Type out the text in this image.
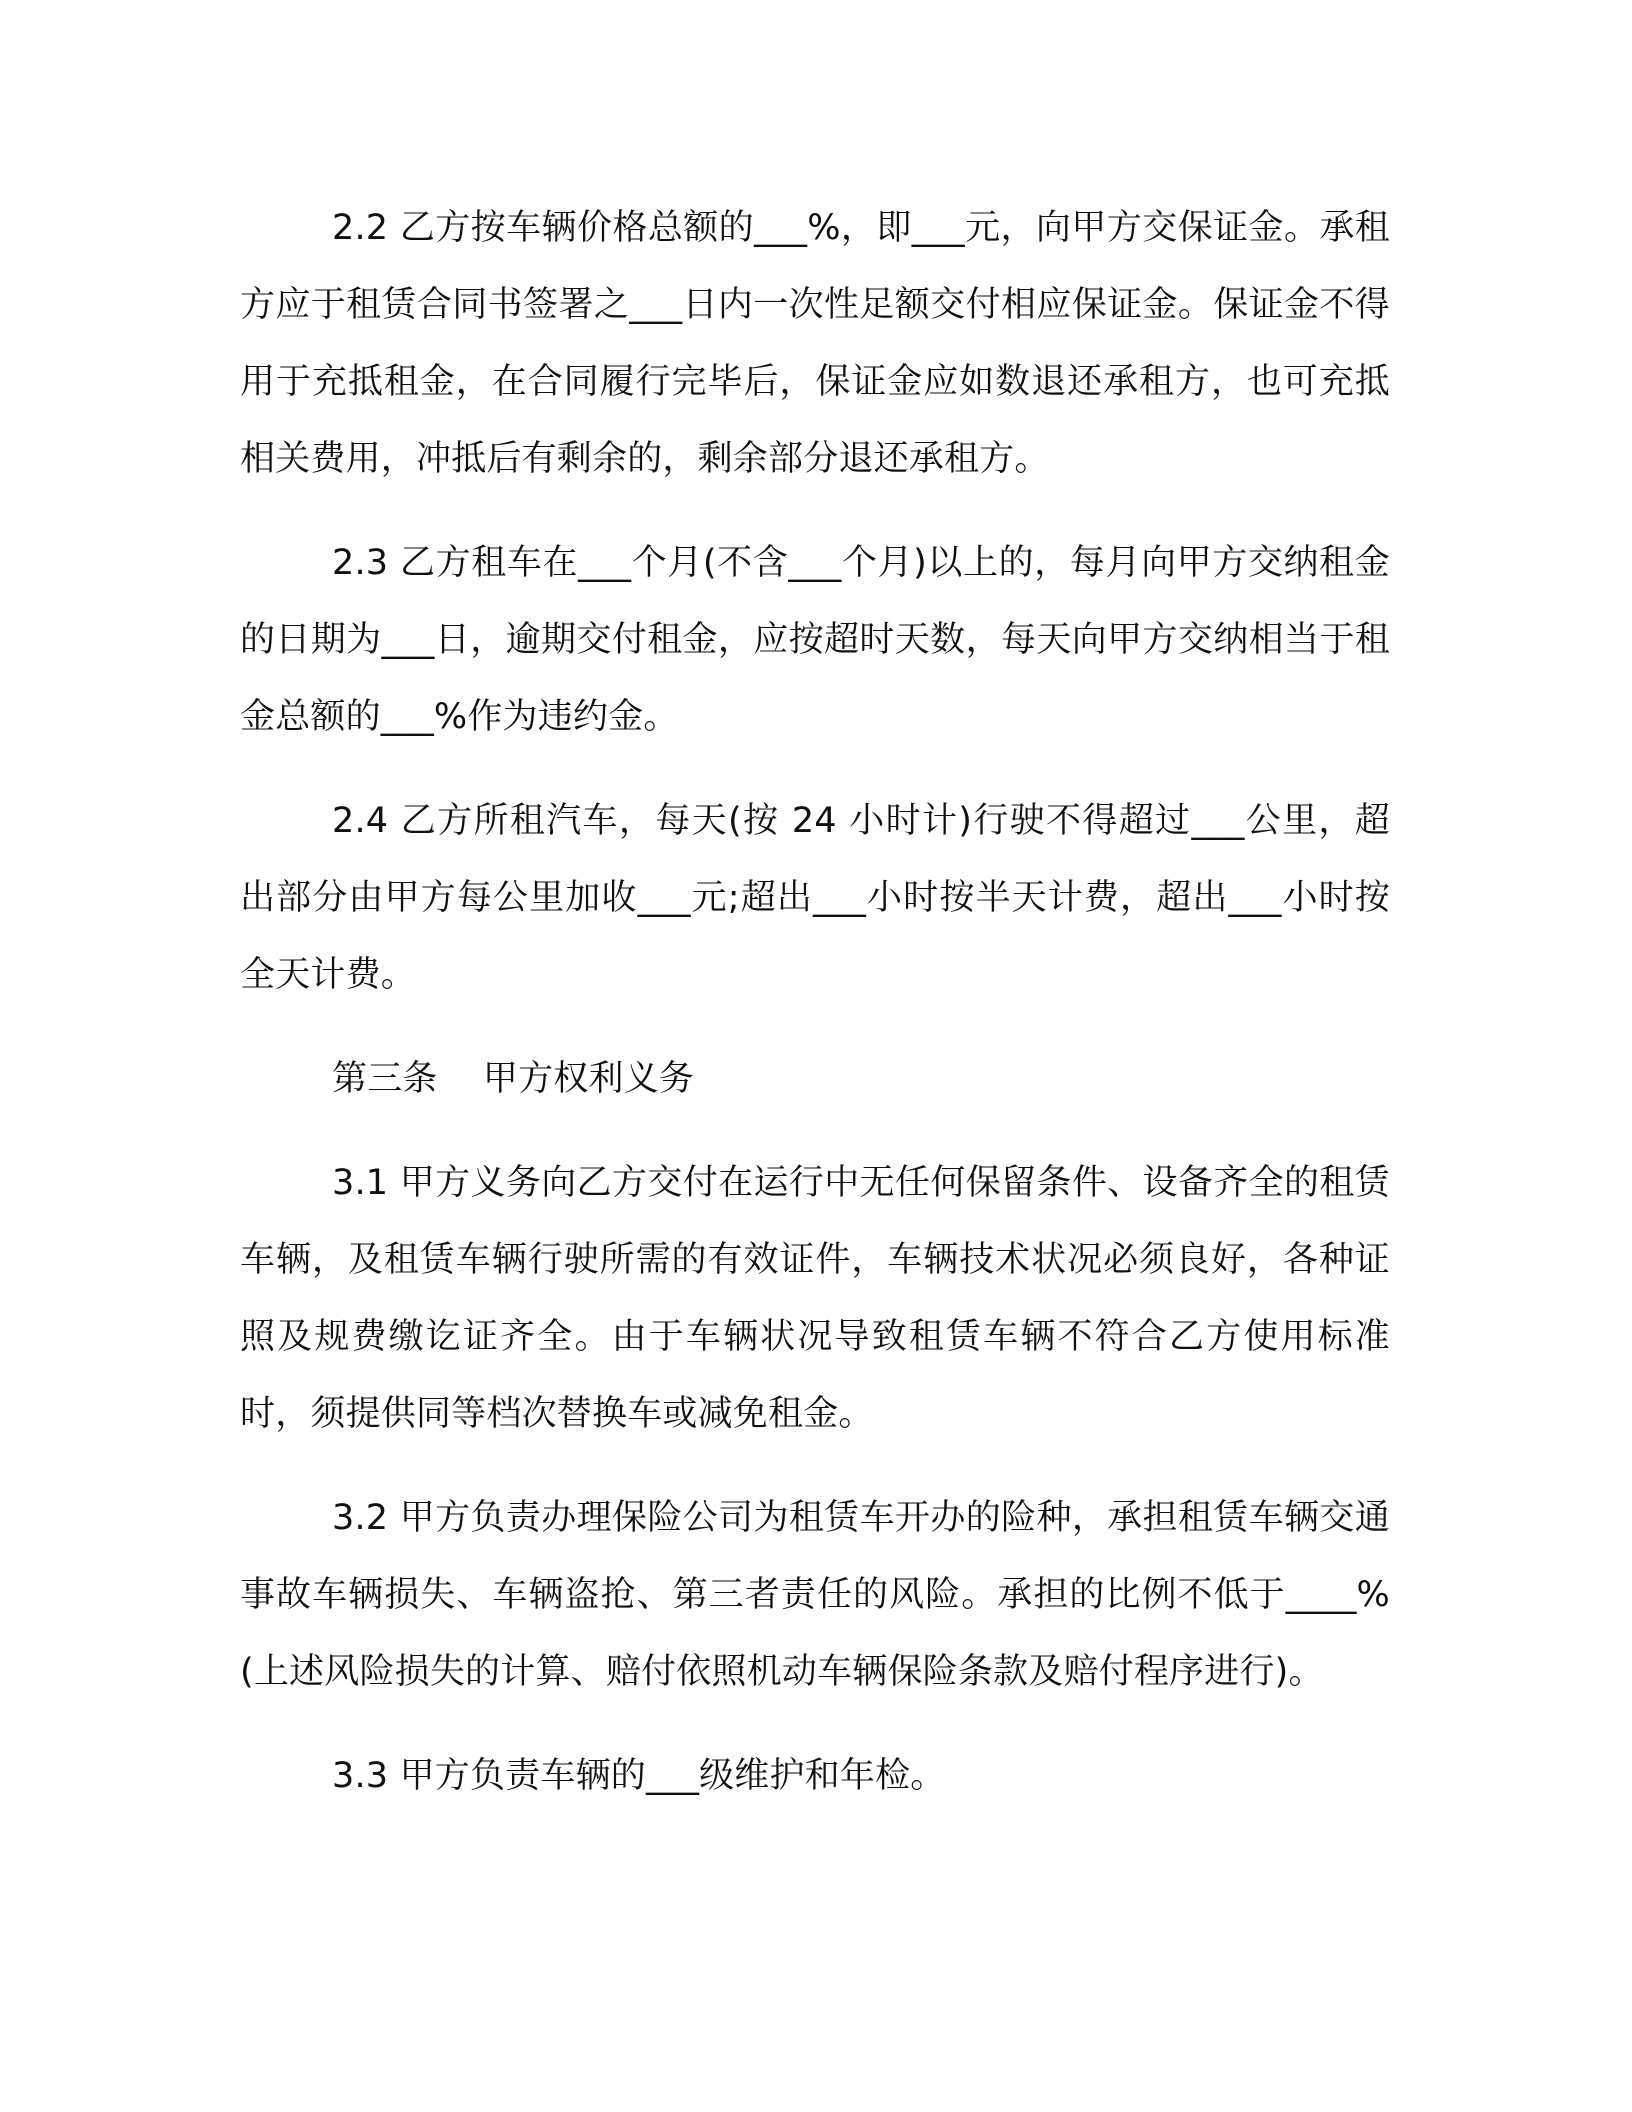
2.2 乙方按车辆价格总额的___%，即___元，向甲方交保证金。承租方应于租赁合同书签署之___日内一次性足额交付相应保证金。保证金不得用于充抵租金，在合同履行完毕后，保证金应如数退还承租方，也可充抵相关费用，冲抵后有剩余的，剩余部分退还承租方。

2.3 乙方租车在___个月(不含___个月)以上的，每月向甲方交纳租金的日期为___日，逾期交付租金，应按超时天数，每天向甲方交纳相当于租金总额的___%作为违约金。

2.4 乙方所租汽车，每天(按 24 小时计)行驶不得超过___公里，超出部分由甲方每公里加收___元;超出___小时按半天计费，超出___小时按全天计费。

第三条    甲方权利义务

3.1 甲方义务向乙方交付在运行中无任何保留条件、设备齐全的租赁车辆，及租赁车辆行驶所需的有效证件，车辆技术状况必须良好，各种证照及规费缴讫证齐全。由于车辆状况导致租赁车辆不符合乙方使用标准时，须提供同等档次替换车或减免租金。

3.2 甲方负责办理保险公司为租赁车开办的险种，承担租赁车辆交通事故车辆损失、车辆盗抢、第三者责任的风险。承担的比例不低于____%(上述风险损失的计算、赔付依照机动车辆保险条款及赔付程序进行)。

3.3 甲方负责车辆的___级维护和年检。
